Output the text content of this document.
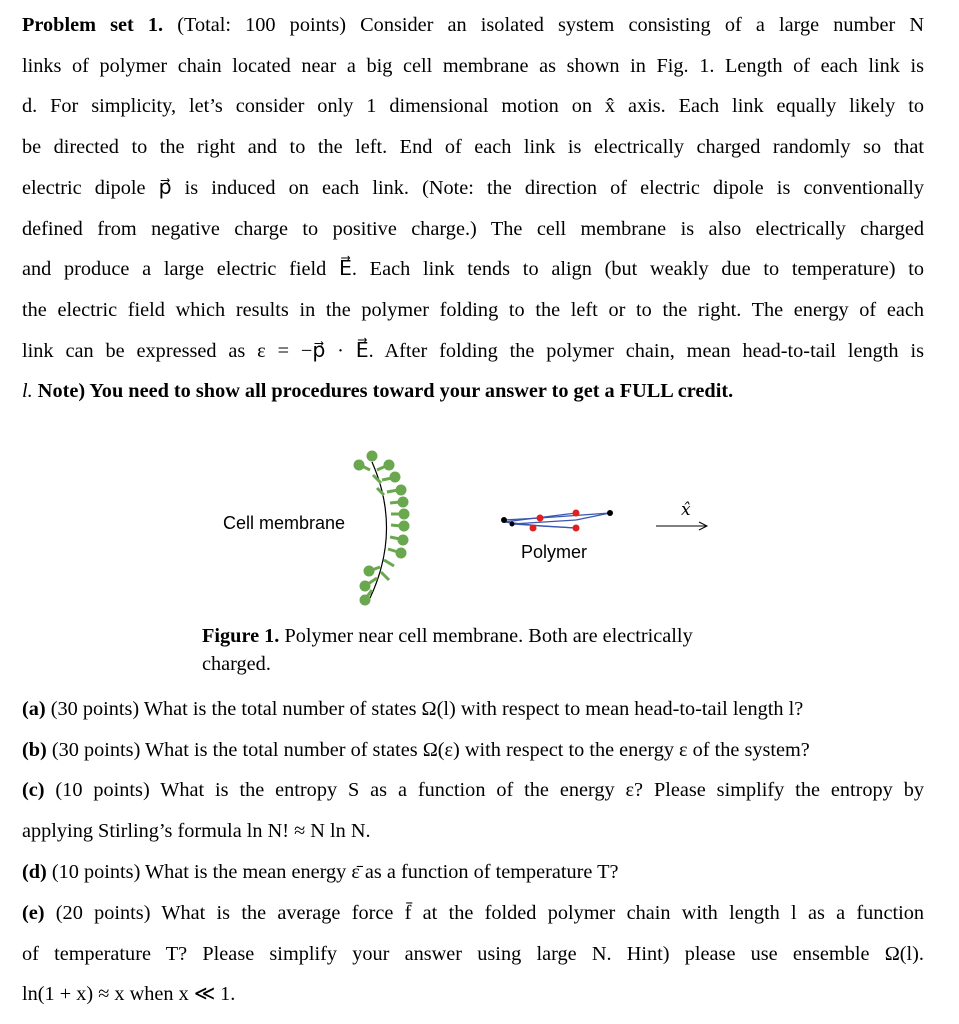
Problem set 1. (Total: 100 points) Consider an isolated system consisting of a large number N
links of polymer chain located near a big cell membrane as shown in Fig. 1. Length of each link is
d. For simplicity, let’s consider only 1 dimensional motion on x̂ axis. Each link equally likely to
be directed to the right and to the left. End of each link is electrically charged randomly so that
electric dipole p⃗ is induced on each link. (Note: the direction of electric dipole is conventionally
defined from negative charge to positive charge.) The cell membrane is also electrically charged
and produce a large electric field E⃗. Each link tends to align (but weakly due to temperature) to
the electric field which results in the polymer folding to the left or to the right. The energy of each
link can be expressed as ε = −p⃗ · E⃗. After folding the polymer chain, mean head-to-tail length is
l. Note) You need to show all procedures toward your answer to get a FULL credit.
Cell membrane
Polymer
x̂
Figure 1. Polymer near cell membrane. Both are electrically
charged.
(a) (30 points) What is the total number of states Ω(l) with respect to mean head-to-tail length l?
(b) (30 points) What is the total number of states Ω(ε) with respect to the energy ε of the system?
(c) (10 points) What is the entropy S as a function of the energy ε? Please simplify the entropy by
applying Stirling’s formula ln N! ≈ N ln N.
(d) (10 points) What is the mean energy ε̄ as a function of temperature T?
(e) (20 points) What is the average force f̄ at the folded polymer chain with length l as a function
of temperature T? Please simplify your answer using large N. Hint) please use ensemble Ω(l).
ln(1 + x) ≈ x when x ≪ 1.
